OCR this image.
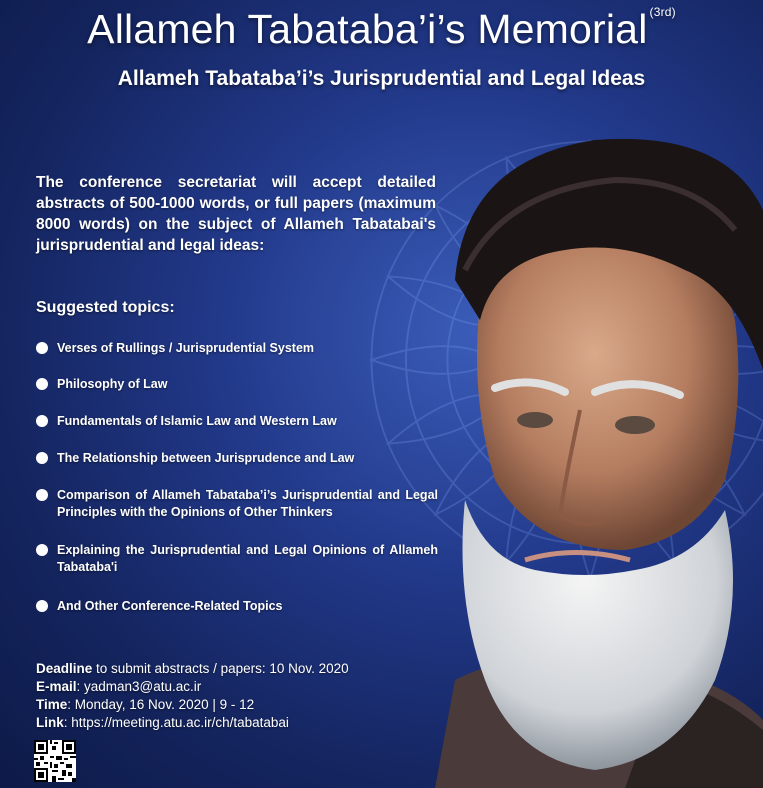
Allameh Tabataba’i’s Memorial $^{(3rd)}$
Allameh Tabataba’i’s Jurisprudential and Legal Ideas
The conference secretariat will accept detailed abstracts of 500-1000 words, or full papers (maximum 8000 words) on the subject of Allameh Tabatabai's jurisprudential and legal ideas:
Suggested topics:
Verses of Rullings / Jurisprudential System
Philosophy of Law
Fundamentals of Islamic Law and Western Law
The Relationship between Jurisprudence and Law
Comparison of Allameh Tabataba’i’s Jurisprudential and Legal Principles with the Opinions of Other Thinkers
Explaining the Jurisprudential and Legal Opinions of Allameh Tabataba'i
And Other Conference-Related Topics
Deadline to submit abstracts / papers: 10 Nov. 2020
E-mail: yadman3@atu.ac.ir
Time: Monday, 16 Nov. 2020 | 9 - 12
Link: https://meeting.atu.ac.ir/ch/tabatabai
